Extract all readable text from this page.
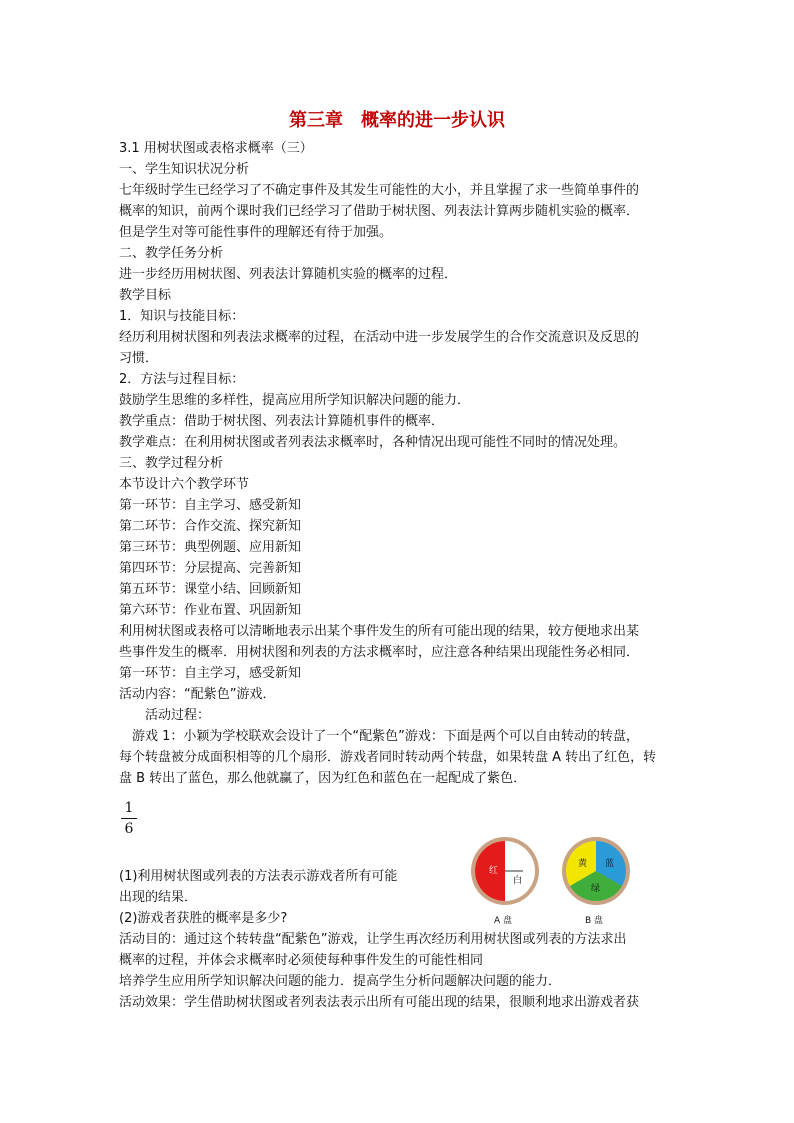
第三章　概率的进一步认识
3.1 用树状图或表格求概率（三）
一、学生知识状况分析
七年级时学生已经学习了不确定事件及其发生可能性的大小，并且掌握了求一些简单事件的
概率的知识，前两个课时我们已经学习了借助于树状图、列表法计算两步随机实验的概率．
但是学生对等可能性事件的理解还有待于加强。
二、教学任务分析
进一步经历用树状图、列表法计算随机实验的概率的过程．
教学目标
1．知识与技能目标：
经历利用树状图和列表法求概率的过程，在活动中进一步发展学生的合作交流意识及反思的
习惯．
2．方法与过程目标：
鼓励学生思维的多样性，提高应用所学知识解决问题的能力．
教学重点：借助于树状图、列表法计算随机事件的概率．
教学难点：在利用树状图或者列表法求概率时，各种情况出现可能性不同时的情况处理。
三、教学过程分析
本节设计六个教学环节
第一环节：自主学习、感受新知
第二环节：合作交流、探究新知
第三环节：典型例题、应用新知
第四环节：分层提高、完善新知
第五环节：课堂小结、回顾新知
第六环节：作业布置、巩固新知
利用树状图或表格可以清晰地表示出某个事件发生的所有可能出现的结果，较方便地求出某
些事件发生的概率．用树状图和列表的方法求概率时，应注意各种结果出现能性务必相同．
第一环节：自主学习，感受新知
活动内容：“配紫色”游戏．
　　活动过程：
　游戏 1：小颖为学校联欢会设计了一个“配紫色”游戏：下面是两个可以自由转动的转盘，
每个转盘被分成面积相等的几个扇形．游戏者同时转动两个转盘，如果转盘 A 转出了红色，转
盘 B 转出了蓝色，那么他就赢了，因为红色和蓝色在一起配成了紫色．
1
6
(1)利用树状图或列表的方法表示游戏者所有可能
出现的结果．
(2)游戏者获胜的概率是多少?
活动目的：通过这个转转盘“配紫色”游戏，让学生再次经历利用树状图或列表的方法求出
概率的过程，并体会求概率时必须使每种事件发生的可能性相同
培养学生应用所学知识解决问题的能力．提高学生分析问题解决问题的能力．
活动效果：学生借助树状图或者列表法表示出所有可能出现的结果，很顺利地求出游戏者获
红
白
黄 蓝
绿
A 盘	B 盘
